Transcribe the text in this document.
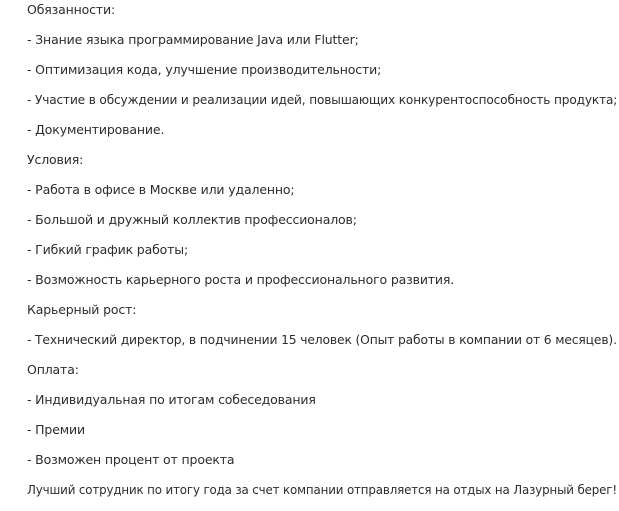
Обязанности:
- Знание языка программирование Java или Flutter;
- Оптимизация кода, улучшение производительности;
- Участие в обсуждении и реализации идей, повышающих конкурентоспособность продукта;
- Документирование.
Условия:
- Работа в офисе в Москве или удаленно;
- Большой и дружный коллектив профессионалов;
- Гибкий график работы;
- Возможность карьерного роста и профессионального развития.
Карьерный рост:
- Технический директор, в подчинении 15 человек (Опыт работы в компании от 6 месяцев).
Оплата:
- Индивидуальная по итогам собеседования
- Премии
- Возможен процент от проекта
Лучший сотрудник по итогу года за счет компании отправляется на отдых на Лазурный берег!
